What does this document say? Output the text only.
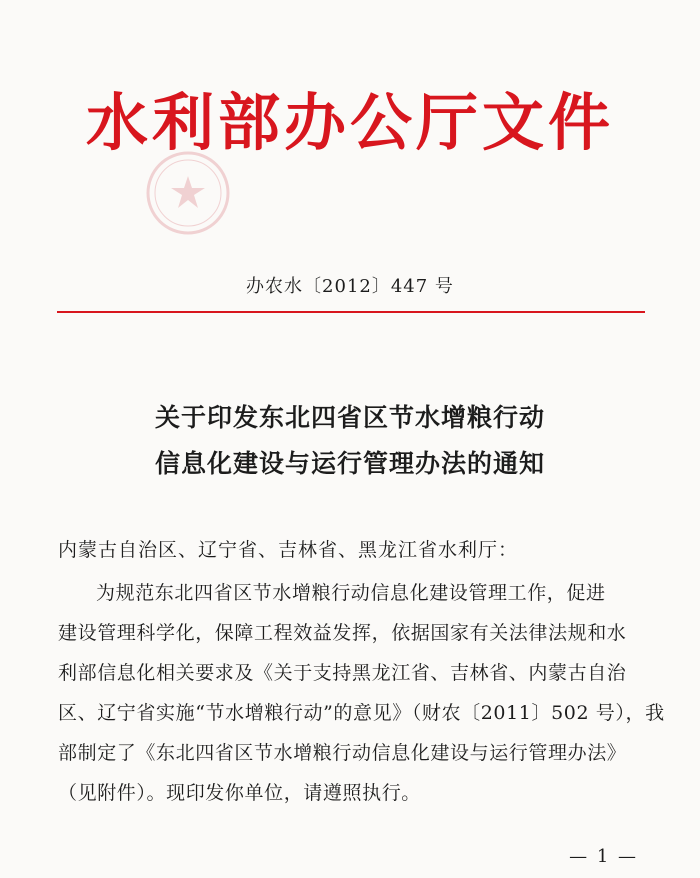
水利部办公厅文件
办农水〔2012〕447 号
关于印发东北四省区节水增粮行动
信息化建设与运行管理办法的通知
内蒙古自治区、辽宁省、吉林省、黑龙江省水利厅：
为规范东北四省区节水增粮行动信息化建设管理工作，促进
建设管理科学化，保障工程效益发挥，依据国家有关法律法规和水
利部信息化相关要求及《关于支持黑龙江省、吉林省、内蒙古自治
区、辽宁省实施“节水增粮行动”的意见》（财农〔2011〕502 号），我
部制定了《东北四省区节水增粮行动信息化建设与运行管理办法》
（见附件）。现印发你单位，请遵照执行。
— 1 —
